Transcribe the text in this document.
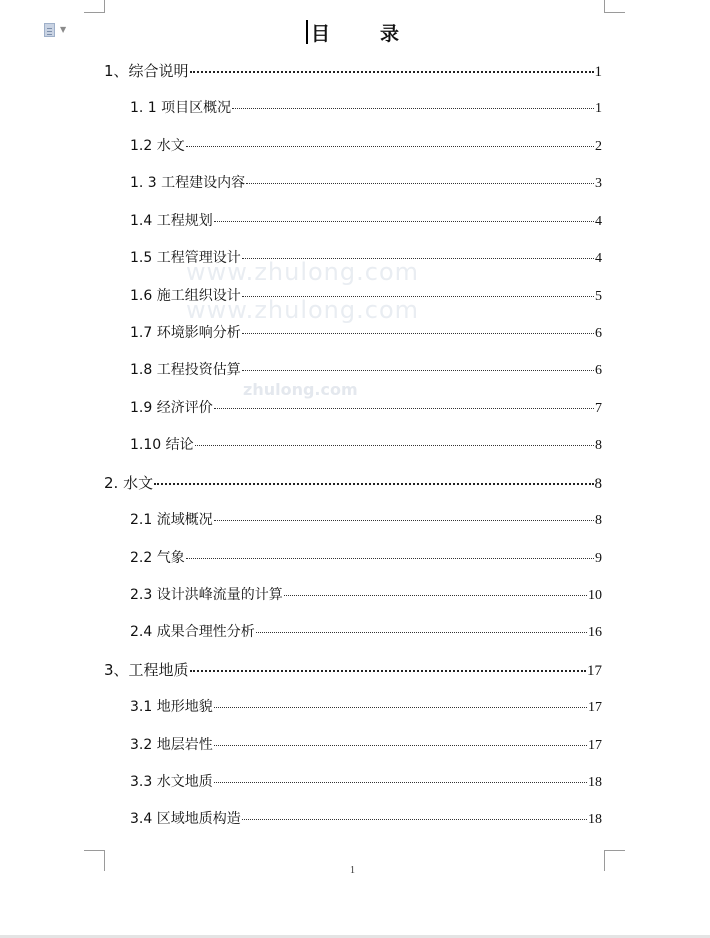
▼
www.zhulong.com
www.zhulong.com
zhulong.com
目	录
1、综合说明	1
1. 1 项目区概况	1
1.2 水文	2
1. 3 工程建设内容	3
1.4 工程规划	4
1.5 工程管理设计	4
1.6 施工组织设计	5
1.7 环境影响分析	6
1.8 工程投资估算	6
1.9 经济评价	7
1.10 结论	8
2. 水文	8
2.1 流域概况	8
2.2 气象	9
2.3 设计洪峰流量的计算	10
2.4 成果合理性分析	16
3、工程地质	17
3.1 地形地貌	17
3.2 地层岩性	17
3.3 水文地质	18
3.4 区域地质构造	18
1
